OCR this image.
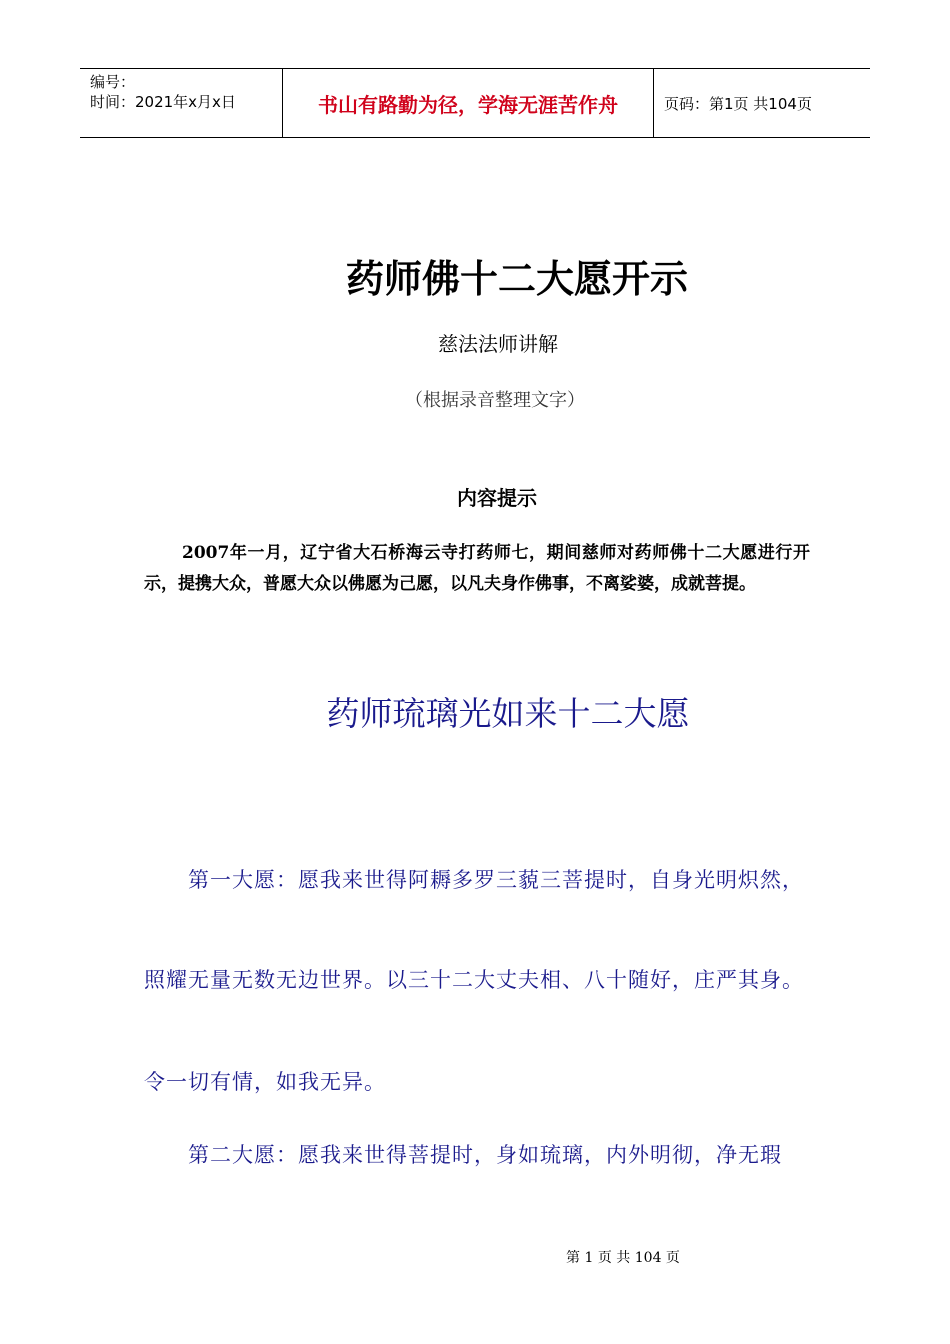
编号：
时间：2021年x月x日	书山有路勤为径，学海无涯苦作舟	页码：第1页 共104页
药师佛十二大愿开示
慈法法师讲解
（根据录音整理文字）
内容提示
2007年一月，辽宁省大石桥海云寺打药师七，期间慈师对药师佛十二大愿进行开示，提携大众，普愿大众以佛愿为己愿，以凡夫身作佛事，不离娑婆，成就菩提。
药师琉璃光如来十二大愿
第一大愿：愿我来世得阿耨多罗三藐三菩提时，自身光明炽然，
照耀无量无数无边世界。以三十二大丈夫相、八十随好，庄严其身。
令一切有情，如我无异。
第二大愿：愿我来世得菩提时，身如琉璃，内外明彻，净无瑕
第 1 页 共 104 页
